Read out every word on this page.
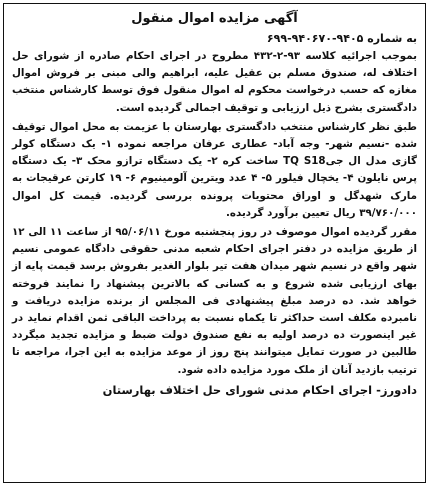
آگهی مزایده اموال منقول
به شماره ۹۴۰۵-۹۴۰۶۷۰-۶۹۹

بموجب اجرائیه کلاسه ۹۳-۲-۴۳۲ مطروح در اجرای احکام صادره از شورای حل اختلاف له، صندوق مسلم بن عقیل علیه، ابراهیم والی مبنی بر فروش اموال مغازه که حسب درخواست محکوم له اموال منقول فوق توسط کارشناس منتخب دادگستری بشرح ذیل ارزیابی و توقیف اجمالی گردیده است.

طبق نظر کارشناس منتخب دادگستری بهارستان با عزیمت به محل اموال توقیف شده -نسیم شهر- وجه آباد- عطاری عرفان مراجعه نموده ۱- یک دستگاه کولر گازی مدل ال جیTQ S18 ساخت کره ۲- یک دستگاه ترازو محک ۳- یک دستگاه پرس نایلون ۴- یخچال فیلور ۵- ۴ عدد ویترین آلومینیوم ۶- ۱۹ کارتن عرقیجات به مارک شهدگل و اوراق محتویات پرونده بررسی گردیده. قیمت کل اموال ۳۹/۷۶۰/۰۰۰ ریال تعیین برآورد گردیده.

مقرر گردیده اموال موصوف در روز پنجشنبه مورخ ۹۵/۰۶/۱۱ از ساعت ۱۱ الی ۱۲ از طریق مزایده در دفتر اجرای احکام شعبه مدنی حقوقی دادگاه عمومی نسیم شهر واقع در نسیم شهر میدان هفت تیر بلوار الغدیر بفروش برسد قیمت پایه از بهای ارزیابی شده شروع و به کسانی که بالاترین پیشنهاد را نمایند فروخته خواهد شد. ده درصد مبلغ پیشنهادی فی المجلس از برنده مزایده دریافت و نامبرده مکلف است حداکثر تا یکماه نسبت به پرداخت الباقی ثمن اقدام نماید در غیر اینصورت ده درصد اولیه به نفع صندوق دولت ضبط و مزایده تجدید میگردد طالبین در صورت تمایل میتوانند پنج روز از موعد مزایده به این اجرا، مراجعه تا ترتیب بازدید آنان از ملک مورد مزایده داده شود.

دادورز- اجرای احکام مدنی شورای حل اختلاف بهارستان
